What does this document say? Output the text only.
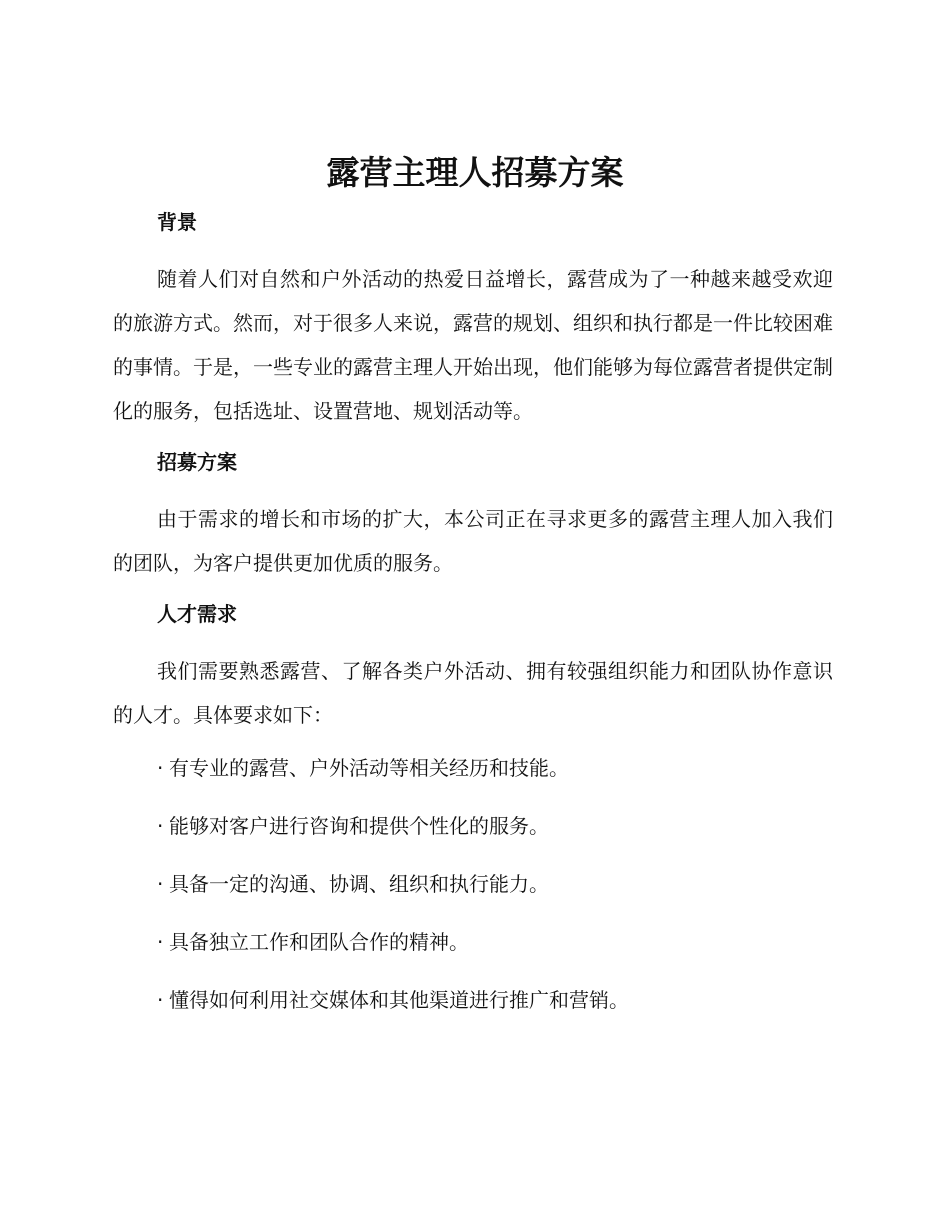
露营主理人招募方案
背景

随着人们对自然和户外活动的热爱日益增长，露营成为了一种越来越受欢迎的旅游方式。然而，对于很多人来说，露营的规划、组织和执行都是一件比较困难的事情。于是，一些专业的露营主理人开始出现，他们能够为每位露营者提供定制化的服务，包括选址、设置营地、规划活动等。

招募方案

由于需求的增长和市场的扩大，本公司正在寻求更多的露营主理人加入我们的团队，为客户提供更加优质的服务。

人才需求

我们需要熟悉露营、了解各类户外活动、拥有较强组织能力和团队协作意识的人才。具体要求如下：

· 有专业的露营、户外活动等相关经历和技能。
· 能够对客户进行咨询和提供个性化的服务。
· 具备一定的沟通、协调、组织和执行能力。
· 具备独立工作和团队合作的精神。
· 懂得如何利用社交媒体和其他渠道进行推广和营销。
